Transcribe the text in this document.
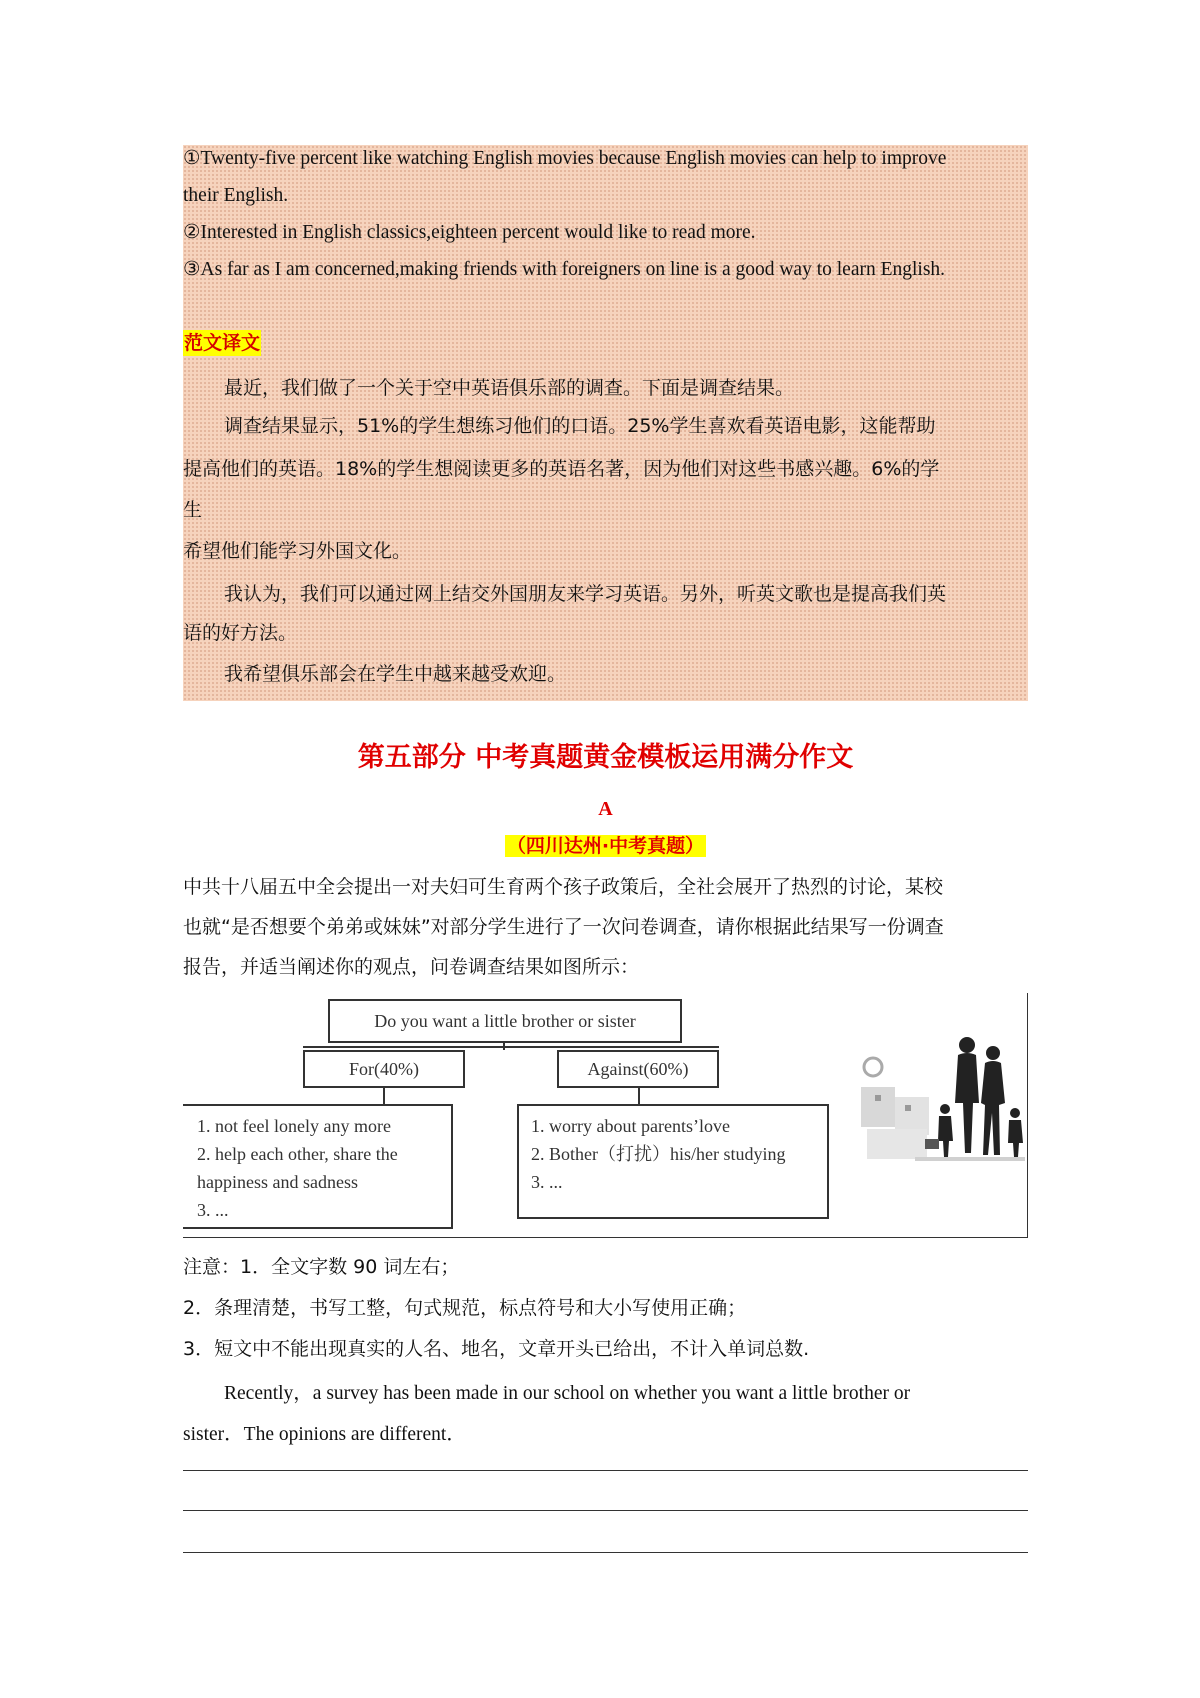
①Twenty-five percent like watching English movies because English movies can help to improve
their English.
②Interested in English classics,eighteen percent would like to read more.
③As far as I am concerned,making friends with foreigners on line is a good way to learn English.
范文译文
最近，我们做了一个关于空中英语俱乐部的调查。下面是调查结果。
调查结果显示，51%的学生想练习他们的口语。25%学生喜欢看英语电影，这能帮助
提高他们的英语。18%的学生想阅读更多的英语名著，因为他们对这些书感兴趣。6%的学
生
希望他们能学习外国文化。
我认为，我们可以通过网上结交外国朋友来学习英语。另外，听英文歌也是提高我们英
语的好方法。
我希望俱乐部会在学生中越来越受欢迎。
第五部分 中考真题黄金模板运用满分作文
A
（四川达州·中考真题）
中共十八届五中全会提出一对夫妇可生育两个孩子政策后，全社会展开了热烈的讨论，某校
也就“是否想要个弟弟或妹妹”对部分学生进行了一次问卷调查，请你根据此结果写一份调查
报告，并适当阐述你的观点，问卷调查结果如图所示：
Do you want a little brother or sister
For(40%)	Against(60%)
1. not feel lonely any more
2. help each other, share the
happiness and sadness
3. ...
1. worry about parents’love
2. Bother（打扰）his/her studying
3. ...
注意：1．全文字数 90 词左右；
2．条理清楚，书写工整，句式规范，标点符号和大小写使用正确；
3．短文中不能出现真实的人名、地名，文章开头已给出，不计入单词总数.
Recently，a survey has been made in our school on whether you want a little brother or
sister．The opinions are different．
